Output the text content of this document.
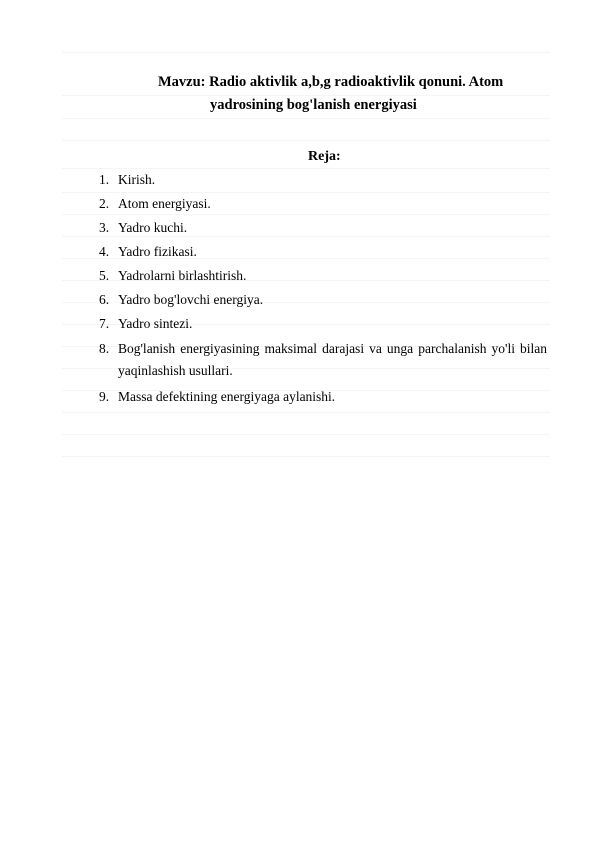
Mavzu: Radio aktivlik a,b,g radioaktivlik qonuni. Atom
yadrosining bog'lanish energiyasi
Reja:
1. Kirish.
2. Atom energiyasi.
3. Yadro kuchi.
4. Yadro fizikasi.
5. Yadrolarni birlashtirish.
6. Yadro bog'lovchi energiya.
7. Yadro sintezi.
8. Bog'lanish energiyasining maksimal darajasi va unga parchalanish yo'li bilan yaqinlashish usullari.
9. Massa defektining energiyaga aylanishi.
